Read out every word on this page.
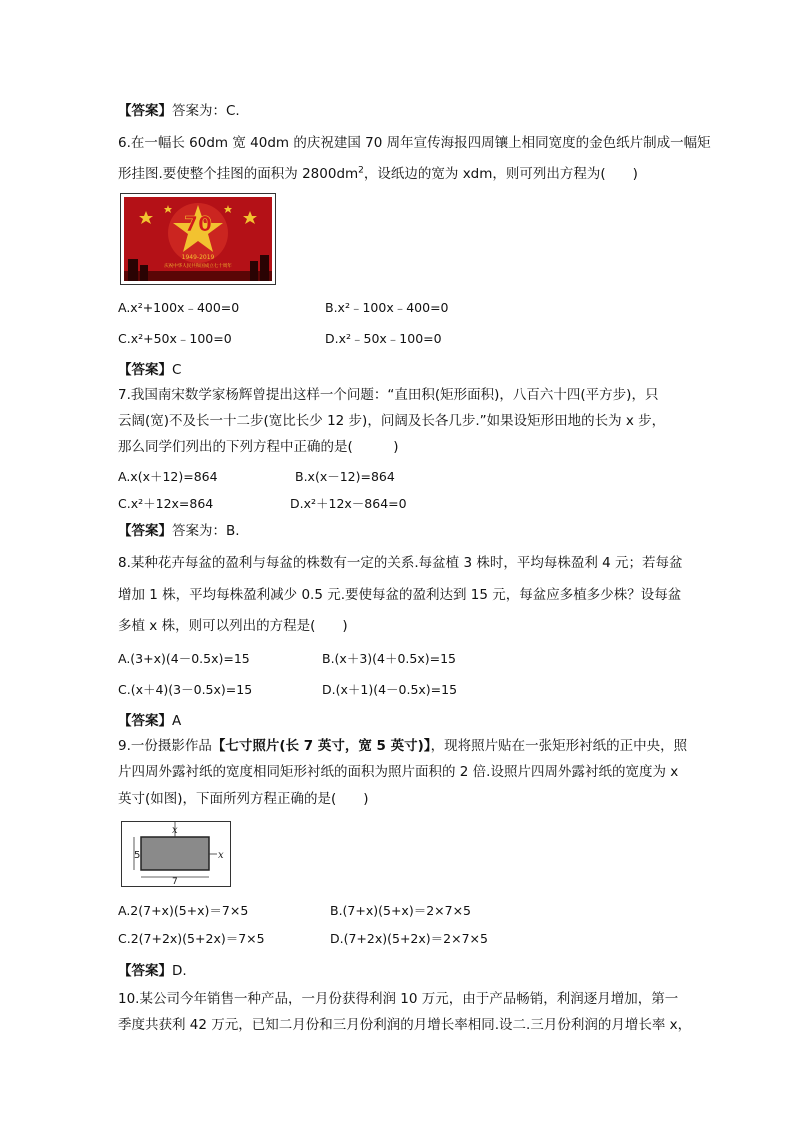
【答案】答案为：C.
6.在一幅长 60dm 宽 40dm 的庆祝建国 70 周年宣传海报四周镶上相同宽度的金色纸片制成一幅矩
形挂图.要使整个挂图的面积为 $2800dm^2$，设纸边的宽为 xdm，则可列出方程为(　　)
70
1949-2019
庆祝中华人民共和国成立七十周年
A.x²+100x﹣400=0	B.x²﹣100x﹣400=0
C.x²+50x﹣100=0	D.x²﹣50x﹣100=0
【答案】C
7.我国南宋数学家杨辉曾提出这样一个问题：“直田积(矩形面积)，八百六十四(平方步)，只
云阔(宽)不及长一十二步(宽比长少 12 步)，问阔及长各几步.”如果设矩形田地的长为 x 步，
那么同学们列出的下列方程中正确的是(　　　)
A.x(x＋12)=864	B.x(x－12)=864
C.x²＋12x=864	D.x²＋12x－864=0
【答案】答案为：B.
8.某种花卉每盆的盈利与每盆的株数有一定的关系.每盆植 3 株时，平均每株盈利 4 元；若每盆
增加 1 株，平均每株盈利减少 0.5 元.要使每盆的盈利达到 15 元，每盆应多植多少株？设每盆
多植 x 株，则可以列出的方程是(　　)
A.(3+x)(4－0.5x)=15	B.(x＋3)(4＋0.5x)=15
C.(x＋4)(3－0.5x)=15	D.(x＋1)(4－0.5x)=15
【答案】A
9.一份摄影作品【七寸照片(长 7 英寸，宽 5 英寸)】，现将照片贴在一张矩形衬纸的正中央，照
片四周外露衬纸的宽度相同矩形衬纸的面积为照片面积的 2 倍.设照片四周外露衬纸的宽度为 x
英寸(如图)，下面所列方程正确的是(　　)
x
x
5
7
A.2(7+x)(5+x)＝7×5	B.(7+x)(5+x)＝2×7×5
C.2(7+2x)(5+2x)＝7×5	D.(7+2x)(5+2x)＝2×7×5
【答案】D.
10.某公司今年销售一种产品，一月份获得利润 10 万元，由于产品畅销，利润逐月增加，第一
季度共获利 42 万元，已知二月份和三月份利润的月增长率相同.设二.三月份利润的月增长率 x，
